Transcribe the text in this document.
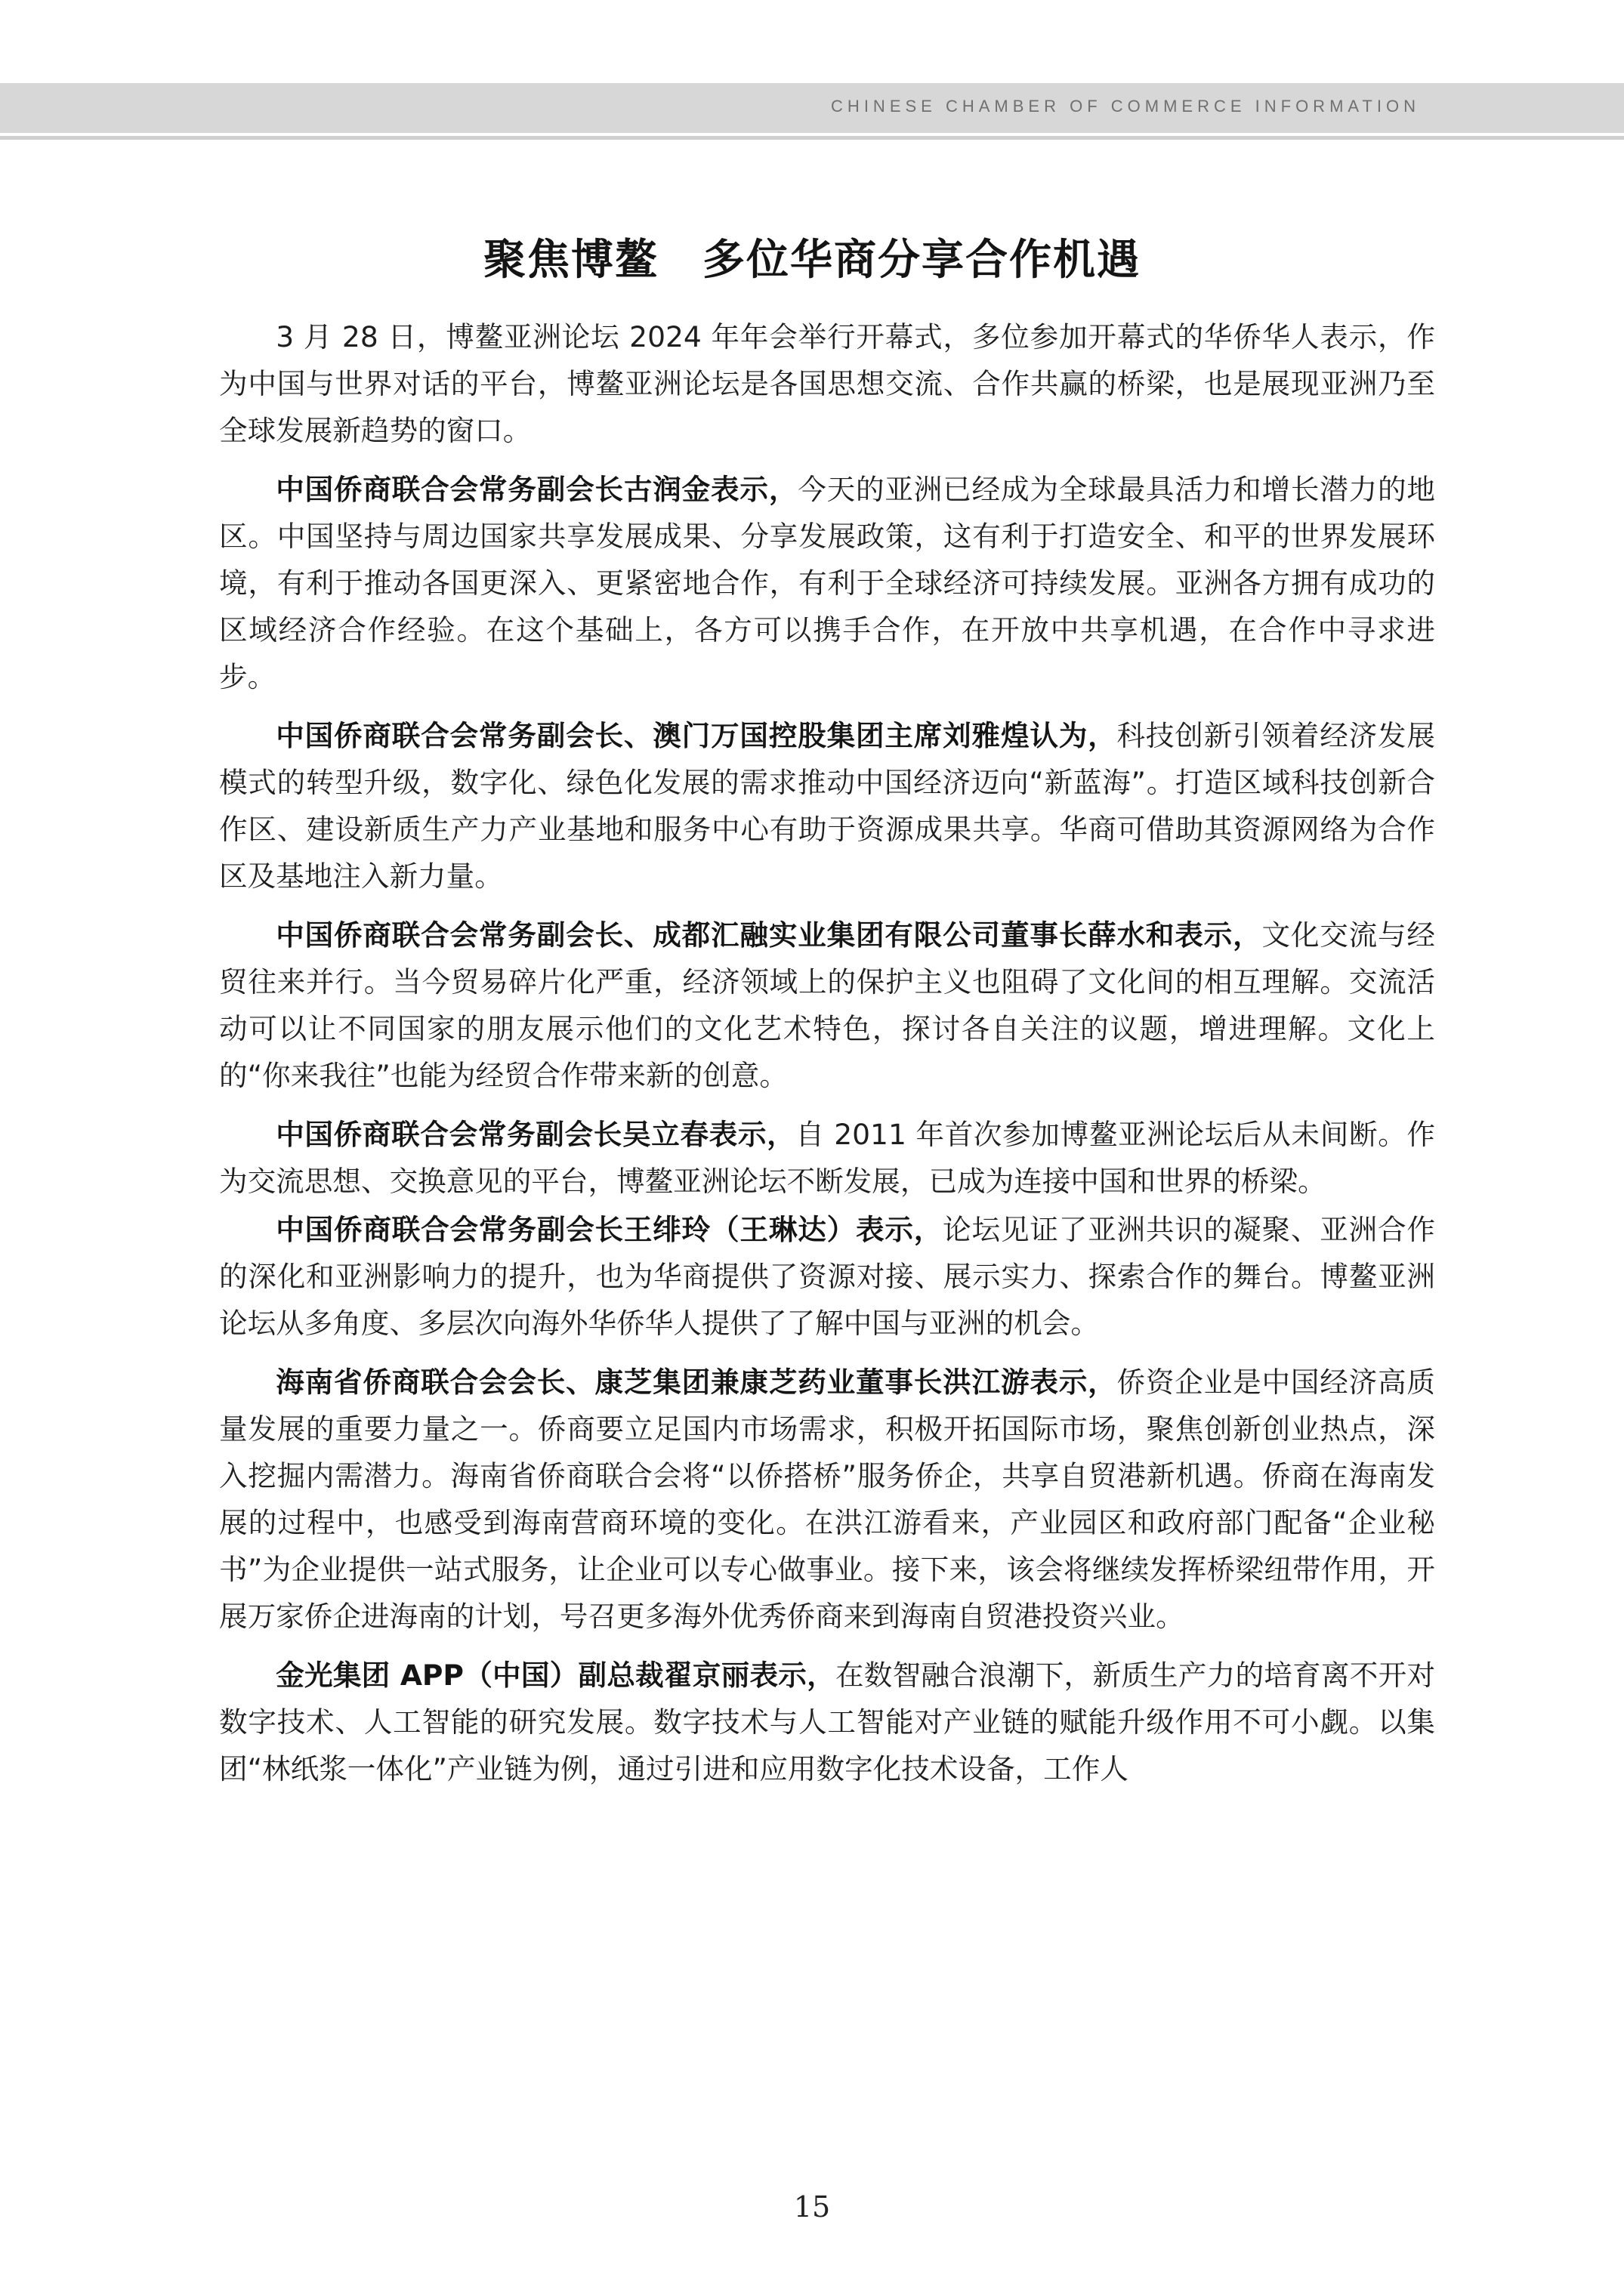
CHINESE CHAMBER OF COMMERCE INFORMATION
聚焦博鳌　多位华商分享合作机遇

3 月 28 日，博鳌亚洲论坛 2024 年年会举行开幕式，多位参加开幕式的华侨华人表示，作为中国与世界对话的平台，博鳌亚洲论坛是各国思想交流、合作共赢的桥梁，也是展现亚洲乃至全球发展新趋势的窗口。

中国侨商联合会常务副会长古润金表示，今天的亚洲已经成为全球最具活力和增长潜力的地区。中国坚持与周边国家共享发展成果、分享发展政策，这有利于打造安全、和平的世界发展环境，有利于推动各国更深入、更紧密地合作，有利于全球经济可持续发展。亚洲各方拥有成功的区域经济合作经验。在这个基础上，各方可以携手合作，在开放中共享机遇，在合作中寻求进步。

中国侨商联合会常务副会长、澳门万国控股集团主席刘雅煌认为，科技创新引领着经济发展模式的转型升级，数字化、绿色化发展的需求推动中国经济迈向“新蓝海”。打造区域科技创新合作区、建设新质生产力产业基地和服务中心有助于资源成果共享。华商可借助其资源网络为合作区及基地注入新力量。

中国侨商联合会常务副会长、成都汇融实业集团有限公司董事长薛水和表示，文化交流与经贸往来并行。当今贸易碎片化严重，经济领域上的保护主义也阻碍了文化间的相互理解。交流活动可以让不同国家的朋友展示他们的文化艺术特色，探讨各自关注的议题，增进理解。文化上的“你来我往”也能为经贸合作带来新的创意。

中国侨商联合会常务副会长吴立春表示，自 2011 年首次参加博鳌亚洲论坛后从未间断。作为交流思想、交换意见的平台，博鳌亚洲论坛不断发展，已成为连接中国和世界的桥梁。

中国侨商联合会常务副会长王绯玲（王琳达）表示，论坛见证了亚洲共识的凝聚、亚洲合作的深化和亚洲影响力的提升，也为华商提供了资源对接、展示实力、探索合作的舞台。博鳌亚洲论坛从多角度、多层次向海外华侨华人提供了了解中国与亚洲的机会。

海南省侨商联合会会长、康芝集团兼康芝药业董事长洪江游表示，侨资企业是中国经济高质量发展的重要力量之一。侨商要立足国内市场需求，积极开拓国际市场，聚焦创新创业热点，深入挖掘内需潜力。海南省侨商联合会将“以侨搭桥”服务侨企，共享自贸港新机遇。侨商在海南发展的过程中，也感受到海南营商环境的变化。在洪江游看来，产业园区和政府部门配备“企业秘书”为企业提供一站式服务，让企业可以专心做事业。接下来，该会将继续发挥桥梁纽带作用，开展万家侨企进海南的计划，号召更多海外优秀侨商来到海南自贸港投资兴业。

金光集团 APP（中国）副总裁翟京丽表示，在数智融合浪潮下，新质生产力的培育离不开对数字技术、人工智能的研究发展。数字技术与人工智能对产业链的赋能升级作用不可小觑。以集团“林纸浆一体化”产业链为例，通过引进和应用数字化技术设备，工作人

15
